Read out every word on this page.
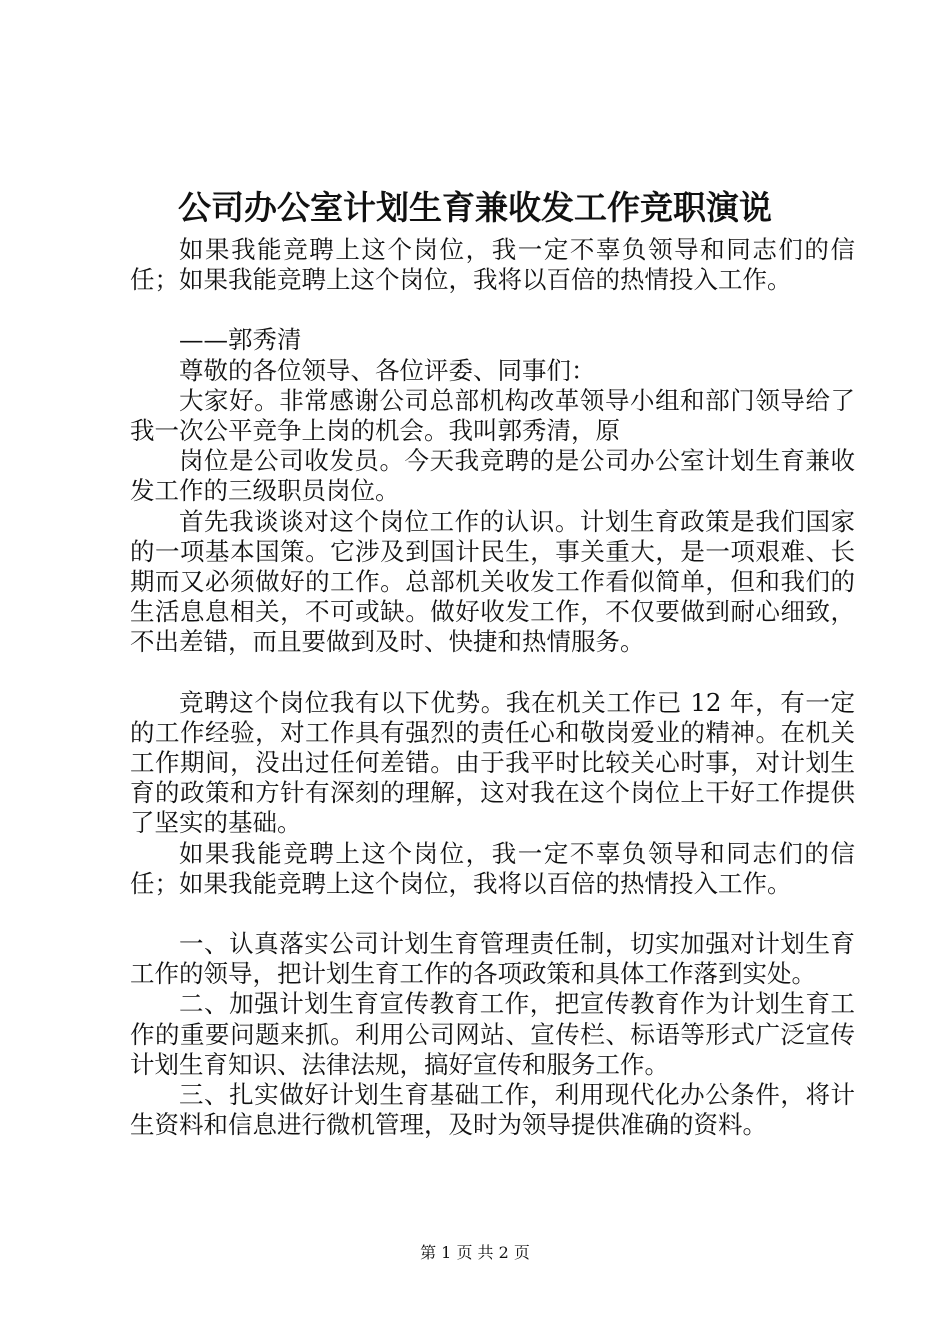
公司办公室计划生育兼收发工作竞职演说

如果我能竞聘上这个岗位，我一定不辜负领导和同志们的信任；如果我能竞聘上这个岗位，我将以百倍的热情投入工作。

——郭秀清

尊敬的各位领导、各位评委、同事们：

大家好。非常感谢公司总部机构改革领导小组和部门领导给了我一次公平竞争上岗的机会。我叫郭秀清，原

岗位是公司收发员。今天我竞聘的是公司办公室计划生育兼收发工作的三级职员岗位。

首先我谈谈对这个岗位工作的认识。计划生育政策是我们国家的一项基本国策。它涉及到国计民生，事关重大，是一项艰难、长期而又必须做好的工作。总部机关收发工作看似简单，但和我们的生活息息相关，不可或缺。做好收发工作，不仅要做到耐心细致，不出差错，而且要做到及时、快捷和热情服务。

竞聘这个岗位我有以下优势。我在机关工作已 12 年，有一定的工作经验，对工作具有强烈的责任心和敬岗爱业的精神。在机关工作期间，没出过任何差错。由于我平时比较关心时事，对计划生育的政策和方针有深刻的理解，这对我在这个岗位上干好工作提供了坚实的基础。

如果我能竞聘上这个岗位，我一定不辜负领导和同志们的信任；如果我能竞聘上这个岗位，我将以百倍的热情投入工作。

一、认真落实公司计划生育管理责任制，切实加强对计划生育工作的领导，把计划生育工作的各项政策和具体工作落到实处。

二、加强计划生育宣传教育工作，把宣传教育作为计划生育工作的重要问题来抓。利用公司网站、宣传栏、标语等形式广泛宣传计划生育知识、法律法规，搞好宣传和服务工作。

三、扎实做好计划生育基础工作，利用现代化办公条件，将计生资料和信息进行微机管理，及时为领导提供准确的资料。

第 1 页 共 2 页
